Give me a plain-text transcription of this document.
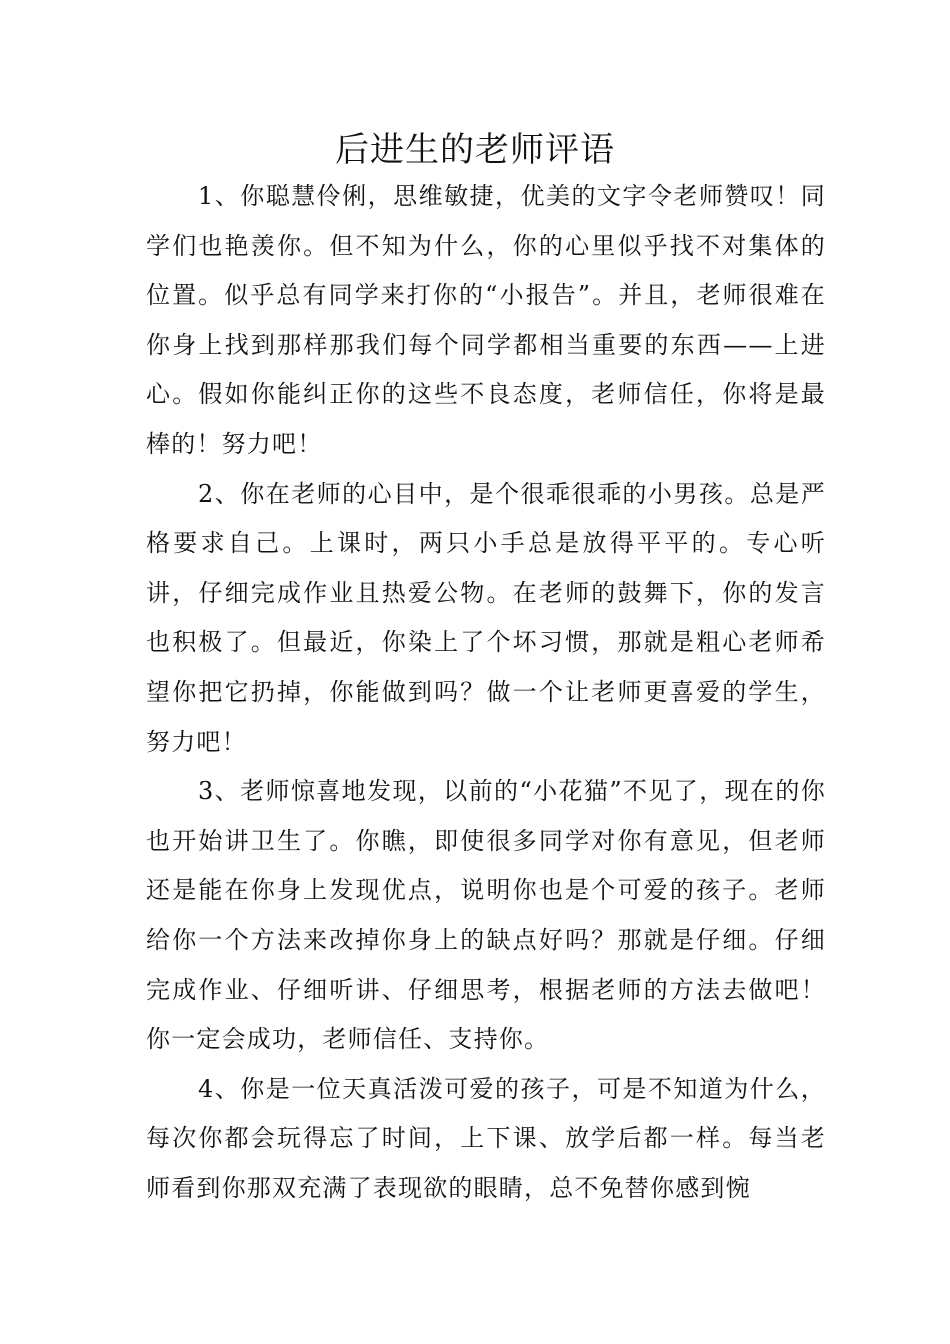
后进生的老师评语

1、你聪慧伶俐，思维敏捷，优美的文字令老师赞叹！同学们也艳羡你。但不知为什么，你的心里似乎找不对集体的位置。似乎总有同学来打你的“小报告”。并且，老师很难在你身上找到那样那我们每个同学都相当重要的东西——上进心。假如你能纠正你的这些不良态度，老师信任，你将是最棒的！努力吧！

2、你在老师的心目中，是个很乖很乖的小男孩。总是严格要求自己。上课时，两只小手总是放得平平的。专心听讲，仔细完成作业且热爱公物。在老师的鼓舞下，你的发言也积极了。但最近，你染上了个坏习惯，那就是粗心老师希望你把它扔掉，你能做到吗？做一个让老师更喜爱的学生，努力吧！

3、老师惊喜地发现，以前的“小花猫”不见了，现在的你也开始讲卫生了。你瞧，即使很多同学对你有意见，但老师还是能在你身上发现优点，说明你也是个可爱的孩子。老师给你一个方法来改掉你身上的缺点好吗？那就是仔细。仔细完成作业、仔细听讲、仔细思考，根据老师的方法去做吧！你一定会成功，老师信任、支持你。

4、你是一位天真活泼可爱的孩子，可是不知道为什么，每次你都会玩得忘了时间，上下课、放学后都一样。每当老师看到你那双充满了表现欲的眼睛，总不免替你感到惋
